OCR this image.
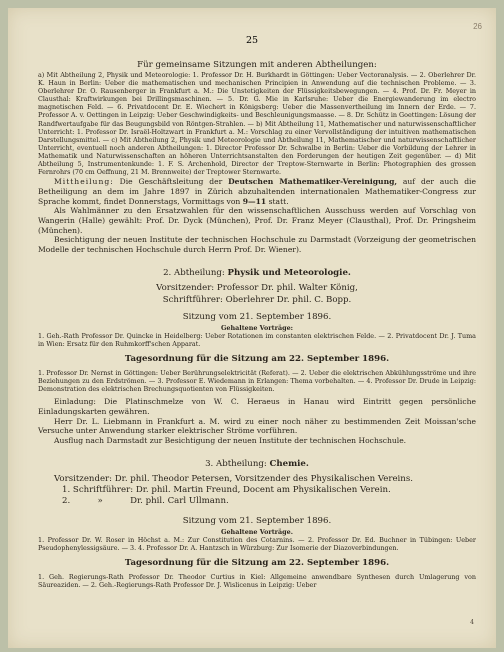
26
25

Für gemeinsame Sitzungen mit anderen Abtheilungen:

a) Mit Abtheilung 2, Physik und Meteorologie: 1. Professor Dr. H. Burkhardt in Göttingen: Ueber Vectoranalysis. — 2. Oberlehrer Dr. K. Haun in Berlin: Ueber die mathematischen und mechanischen Principien in Anwendung auf die technischen Probleme. — 3. Oberlehrer Dr. O. Rausenberger in Frankfurt a. M.: Die Unstetigkeiten der Flüssigkeitsbewegungen. — 4. Prof. Dr. Fr. Meyer in Clausthal: Kraftwirkungen bei Drillingsmaschinen. — 5. Dr. G. Mie in Karlsruhe: Ueber die Energiewanderung im electro magnetischen Feld. — 6. Privatdocent Dr. E. Wiechert in Königsberg: Ueber die Massenvertheilung im Innern der Erde. — 7. Professor A. v. Oettingen in Leipzig: Ueber Geschwindigkeits- und Beschleunigungsmaasse. — 8. Dr. Schütz in Goettingen: Lösung der Randfwertaufgabe für das Beugungsbild von Röntgen-Strahlen. — b) Mit Abtheilung 11, Mathematischer und naturwissenschaftlicher Unterricht: 1. Professor Dr. Israël-Holtzwart in Frankfurt a. M.: Vorschlag zu einer Vervollständigung der intuitiven mathematischen Darstellungsmittel. — c) Mit Abtheilung 2, Physik und Meteorologie und Abtheilung 11, Mathematischer und naturwissenschaftlicher Unterricht, eventuell noch anderen Abtheilungen: 1. Director Professor Dr. Schwalbe in Berlin: Ueber die Vorbildung der Lehrer in Mathematik und Naturwissenschaften an höheren Unterrichtsanstalten den Forderungen der heutigen Zeit gegenüber. — d) Mit Abtheilung 5, Instrumentenkunde: 1. F. S. Archenhold, Director der Treptow-Sternwarte in Berlin: Photographien des grossen Fernrohrs (70 cm Oeffnung, 21 M. Brennweite) der Treptower Sternwarte.

Mittheilung: Die Geschäftsleitung der Deutschen Mathematiker-Vereinigung, auf der auch die Betheiligung an dem im Jahre 1897 in Zürich abzuhaltenden internationalen Mathematiker-Congress zur Sprache kommt, findet Donnerstags, Vormittags von 9—11 statt.

Als Wahlmänner zu den Ersatzwahlen für den wissenschaftlichen Ausschuss werden auf Vorschlag von Wangerin (Halle) gewählt: Prof. Dr. Dyck (München), Prof. Dr. Franz Meyer (Clausthal), Prof. Dr. Pringsheim (München).

Besichtigung der neuen Institute der technischen Hochschule zu Darmstadt (Vorzeigung der geometrischen Modelle der technischen Hochschule durch Herrn Prof. Dr. Wiener).

2. Abtheilung: Physik und Meteorologie.

Vorsitzender: Professor Dr. phil. Walter König,

Schriftführer: Oberlehrer Dr. phil. C. Bopp.

Sitzung vom 21. September 1896.

Gehaltene Vorträge:

1. Geh.-Rath Professor Dr. Quincke in Heidelberg: Ueber Rotationen im constanten elektrischen Felde. — 2. Privatdocent Dr. J. Tuma in Wien: Ersatz für den Ruhmkorff'schen Apparat.

Tagesordnung für die Sitzung am 22. September 1896.

1. Professor Dr. Nernst in Göttingen: Ueber Berührungselektricität (Referat). — 2. Ueber die elektrischen Abkühlungsströme und ihre Beziehungen zu den Erdströmen. — 3. Professor E. Wiedemann in Erlangen: Thema vorbehalten. — 4. Professor Dr. Drude in Leipzig: Demonstration des elektrischen Brechungsquotienten von Flüssigkeiten.

Einladung: Die Platinschmelze von W. C. Heraeus in Hanau wird Eintritt gegen persönliche Einladungskarten gewähren.

Herr Dr. L. Liebmann in Frankfurt a. M. wird zu einer noch näher zu bestimmenden Zeit Moissan'sche Versuche unter Anwendung starker elektrischer Ströme vorführen.

Ausflug nach Darmstadt zur Besichtigung der neuen Institute der technischen Hochschule.

3. Abtheilung: Chemie.

Vorsitzender: Dr. phil. Theodor Petersen, Vorsitzender des Physikalischen Vereins.

1. Schriftführer: Dr. phil. Martin Freund, Docent am Physikalischen Verein.

2.          »          Dr. phil. Carl Ullmann.

Sitzung vom 21. September 1896.

Gehaltene Vorträge.

1. Professor Dr. W. Roser in Höchst a. M.: Zur Constitution des Cotarnins. — 2. Professor Dr. Ed. Buchner in Tübingen: Ueber Pseudophenylessigsäure. — 3. 4. Professor Dr. A. Hantzsch in Würzburg: Zur Isomerie der Diazoverbindungen.

Tagesordnung für die Sitzung am 22. September 1896.

1. Geh. Regierungs-Rath Professor Dr. Theodor Curtius in Kiel: Allgemeine anwendbare Synthesen durch Umlagerung von Säureaziden. — 2. Geh.-Regierungs-Rath Professor Dr. J. Wislicenus in Leipzig: Ueber

4
